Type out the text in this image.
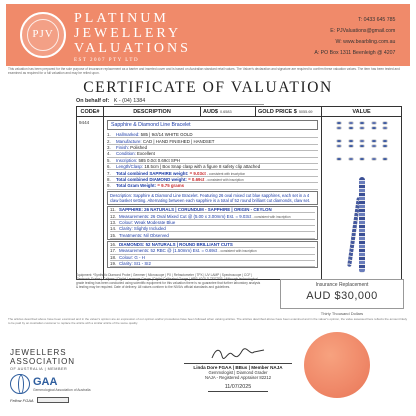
PJV
PLATINUM
JEWELLERY
VALUATIONS
EST 2007 PTY LTD
T: 0433 645 785 ●
E: PJValuations@gmail.com ●
W: www.bearbling.com.au ●
A: PO Box 1311 Beenleigh @ 4207 ●
This valuation has been prepared for the sole purpose of insurance replacement as a barrier and inserted cover and is based on Australian standard retail values. The Valuer's declaration and signature are required to confirm these valuation values. The item has been tested and examined as required for a full valuation and may be relied upon.
CERTIFICATE OF VALUATION
On behalf of: K - (04) 1384
CODE#	DESCRIPTION	AUD$ 0.6583	GOLD PRICE $ 5055.69	VALUE
9444	Sapphire & Diamond Line Bracelet
1.	Hallmarked: 585 | 9ct/14 WHITE GOLD
2.	Manufacture: CAD | HAND FINISHED | HANDSET
3.	Finish: Polished
4.	Condition: Excellent
5.	Inscription: 585 0.0ct 0.69ct SPH
6.	Length/Clasp: 18.5cm | Box Snap clasp with a figure 8 safety clip attached
7.	Total combined SAPPHIRE weight: = 9.03ct - consistent with inscription
8.	Total combined DIAMOND weight: = 0.69ct - consistent with inscription
9.	Total Gram Weight: = 9.75 grams
Description: Sapphire & Diamond Line Bracelet. Featuring 26 oval mixed cut blue sapphires, each set in a 4 claw basket setting. Alternating between each sapphire is a total of 52 round brilliant cut diamonds, claw set.
11. SAPPHIRE: 26 NATURALS | CORUNDUM - SAPPHIRE | ORIGIN - CEYLON
12. Measurements: 26 Oval Mixed Cut @ (5.00 x 3.00mm) Est. = 9.03ct - consistent with inscription
13. Colour: Weak Moderate Blue
14. Clarity: Slightly Included
15. Treatments: Nil Observed
16. DIAMONDS: 52 NATURALS | ROUND BRILLIANT CUTS
17. Measurements: 52 RBC @ (1.50mm) Est. = 0.69ct - consistent with inscription
18. Colour: G - H
19. Clarity: SI1 - SI2
Equipment: *Synthetic Diamond Probe | Gemmer | Microscope | PX | Refractometer | TPX | UV LAMP | Spectroscope | CCF | Electronic Scales | Calipers | Digital Leverage Gauge | Digital Calibrated Gauge | HRP. *GOLD TESTER. *Although technological grade testing has been conducted using scientific equipment for this valuation there is no guarantee that further laboratory analysis & testing may be required. Date of delivery: All values conform to the NIVA's official standards and guidelines.	Insurance Replacement
AUD $30,000
Thirty Thousand Dollars
The articles described above have been examined and in the valuer's opinion are an expression of our opinion and/or procedures have been followed when valuing articles. The articles described above have been examined and in the valuer's opinion, the value assessed here reflects the amount likely to be paid by an Australian customer to replace the article with a similar article of the same quality.
JEWELLERS
ASSOCIATION
OF AUSTRALIA | MEMBER
GAA
Gemmological Association of Australia
Fellow FGAA
Linda Dore FGAA | BBus | Member NAJA
Gemmologist | Diamond Grader
NAJA - Registered Appraiser 82212
11/07/2025
